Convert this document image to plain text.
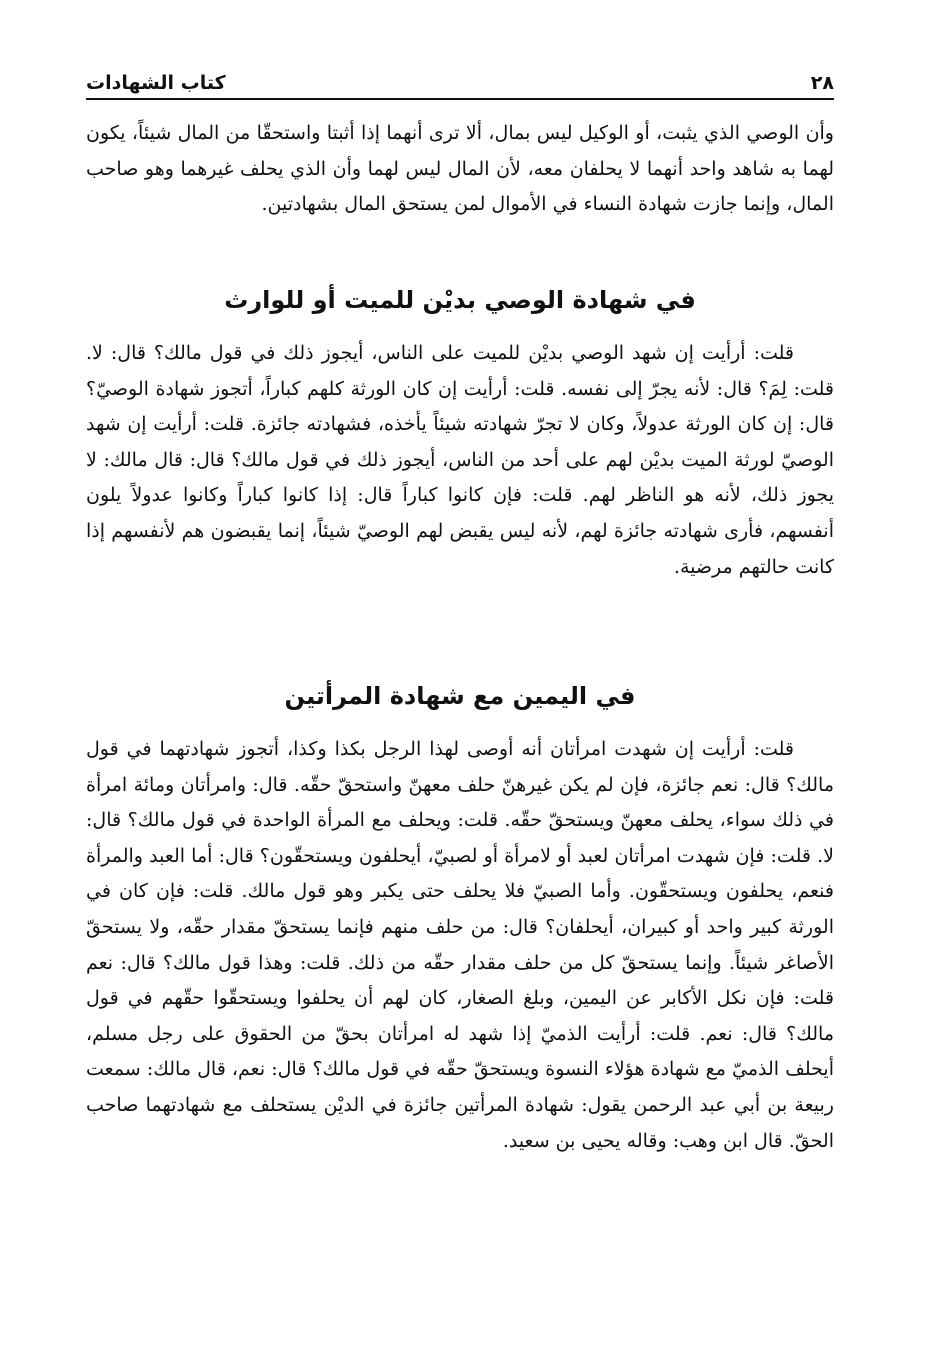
٢٨
كتاب الشهادات

وأن الوصي الذي يثبت، أو الوكيل ليس بمال، ألا ترى أنهما إذا أثبتا واستحقّا من المال شيئاً، يكون لهما به شاهد واحد أنهما لا يحلفان معه، لأن المال ليس لهما وأن الذي يحلف غيرهما وهو صاحب المال، وإنما جازت شهادة النساء في الأموال لمن يستحق المال بشهادتين.

في شهادة الوصي بديْن للميت أو للوارث

قلت: أرأيت إن شهد الوصي بديْن للميت على الناس، أيجوز ذلك في قول مالك؟ قال: لا. قلت: لِمَ؟ قال: لأنه يجرّ إلى نفسه. قلت: أرأيت إن كان الورثة كلهم كباراً، أتجوز شهادة الوصيّ؟ قال: إن كان الورثة عدولاً، وكان لا تجرّ شهادته شيئاً يأخذه، فشهادته جائزة. قلت: أرأيت إن شهد الوصيّ لورثة الميت بديْن لهم على أحد من الناس، أيجوز ذلك في قول مالك؟ قال: قال مالك: لا يجوز ذلك، لأنه هو الناظر لهم. قلت: فإن كانوا كباراً قال: إذا كانوا كباراً وكانوا عدولاً يلون أنفسهم، فأرى شهادته جائزة لهم، لأنه ليس يقبض لهم الوصيّ شيئاً، إنما يقبضون هم لأنفسهم إذا كانت حالتهم مرضية.

في اليمين مع شهادة المرأتين

قلت: أرأيت إن شهدت امرأتان أنه أوصى لهذا الرجل بكذا وكذا، أتجوز شهادتهما في قول مالك؟ قال: نعم جائزة، فإن لم يكن غيرهنّ حلف معهنّ واستحقّ حقّه. قال: وامرأتان ومائة امرأة في ذلك سواء، يحلف معهنّ ويستحقّ حقّه. قلت: ويحلف مع المرأة الواحدة في قول مالك؟ قال: لا. قلت: فإن شهدت امرأتان لعبد أو لامرأة أو لصبيّ، أيحلفون ويستحقّون؟ قال: أما العبد والمرأة فنعم، يحلفون ويستحقّون. وأما الصبيّ فلا يحلف حتى يكبر وهو قول مالك. قلت: فإن كان في الورثة كبير واحد أو كبيران، أيحلفان؟ قال: من حلف منهم فإنما يستحقّ مقدار حقّه، ولا يستحقّ الأصاغر شيئاً. وإنما يستحقّ كل من حلف مقدار حقّه من ذلك. قلت: وهذا قول مالك؟ قال: نعم قلت: فإن نكل الأكابر عن اليمين، وبلغ الصغار، كان لهم أن يحلفوا ويستحقّوا حقّهم في قول مالك؟ قال: نعم. قلت: أرأيت الذميّ إذا شهد له امرأتان بحقّ من الحقوق على رجل مسلم، أيحلف الذميّ مع شهادة هؤلاء النسوة ويستحقّ حقّه في قول مالك؟ قال: نعم، قال مالك: سمعت ربيعة بن أبي عبد الرحمن يقول: شهادة المرأتين جائزة في الديْن يستحلف مع شهادتهما صاحب الحقّ. قال ابن وهب: وقاله يحيى بن سعيد.
